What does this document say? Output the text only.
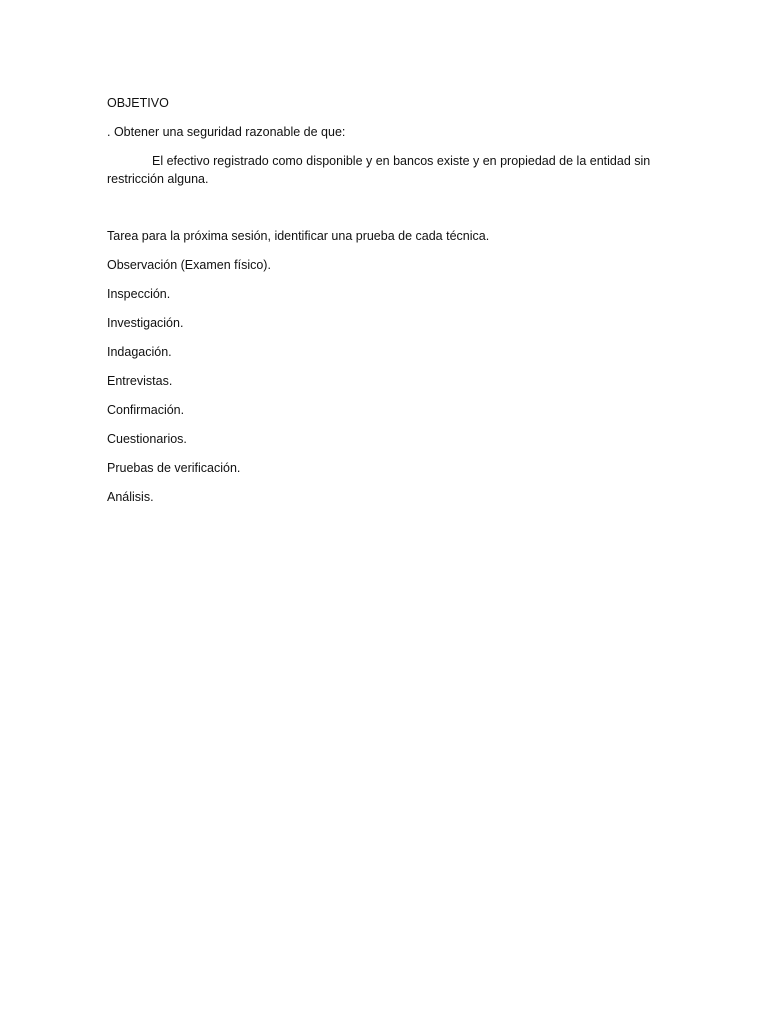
OBJETIVO

. Obtener una seguridad razonable de que:

El efectivo registrado como disponible y en bancos existe y en propiedad de la entidad sin restricción alguna.

Tarea para la próxima sesión, identificar una prueba de cada técnica.

Observación (Examen físico).
Inspección.
Investigación.
Indagación.
Entrevistas.
Confirmación.
Cuestionarios.
Pruebas de verificación.
Análisis.
